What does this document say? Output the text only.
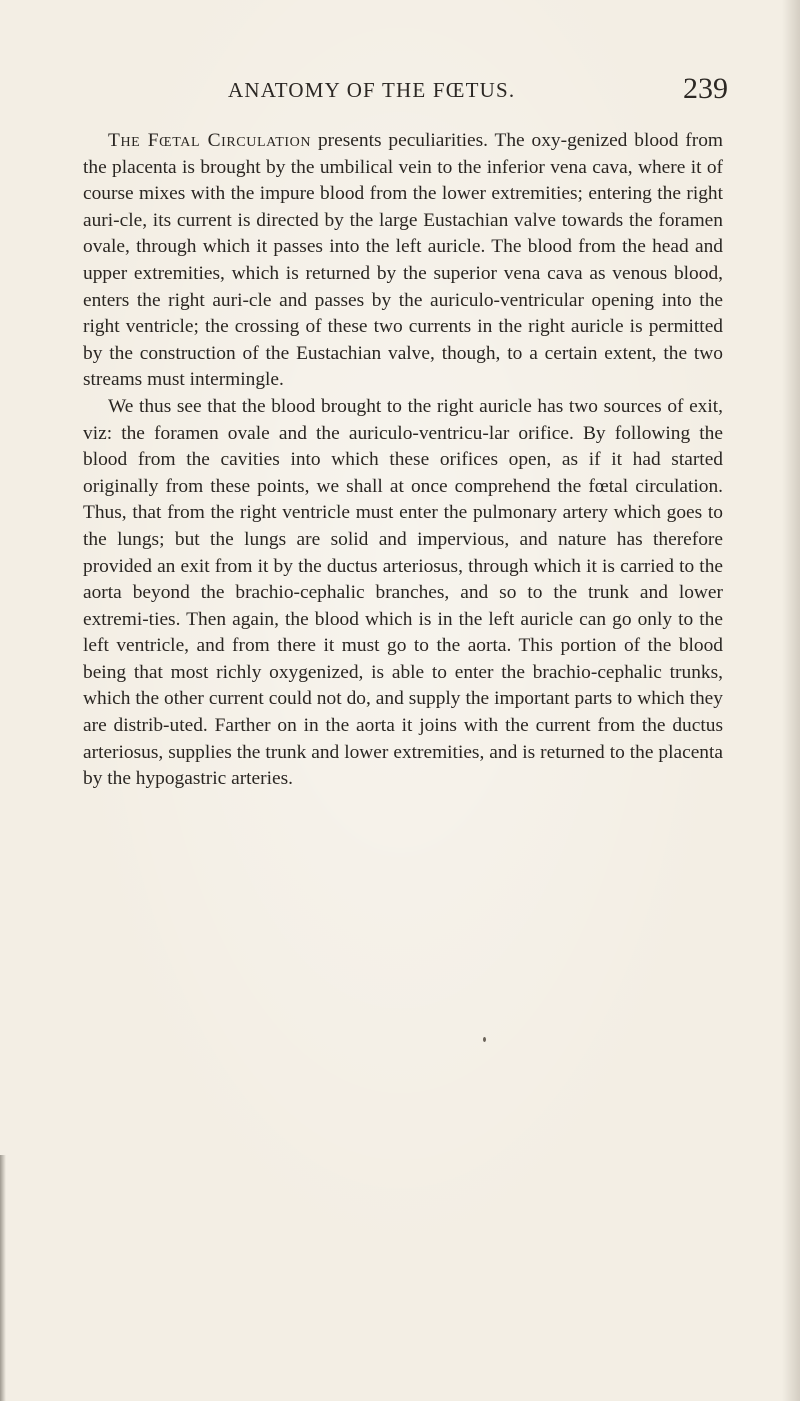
ANATOMY OF THE FŒTUS.	239

The Fœtal Circulation presents peculiarities. The oxy-genized blood from the placenta is brought by the umbilical vein to the inferior vena cava, where it of course mixes with the impure blood from the lower extremities; entering the right auri-cle, its current is directed by the large Eustachian valve towards the foramen ovale, through which it passes into the left auricle. The blood from the head and upper extremities, which is returned by the superior vena cava as venous blood, enters the right auri-cle and passes by the auriculo-ventricular opening into the right ventricle; the crossing of these two currents in the right auricle is permitted by the construction of the Eustachian valve, though, to a certain extent, the two streams must intermingle.

We thus see that the blood brought to the right auricle has two sources of exit, viz: the foramen ovale and the auriculo-ventricu-lar orifice. By following the blood from the cavities into which these orifices open, as if it had started originally from these points, we shall at once comprehend the fœtal circulation. Thus, that from the right ventricle must enter the pulmonary artery which goes to the lungs; but the lungs are solid and impervious, and nature has therefore provided an exit from it by the ductus arteriosus, through which it is carried to the aorta beyond the brachio-cephalic branches, and so to the trunk and lower extremi-ties. Then again, the blood which is in the left auricle can go only to the left ventricle, and from there it must go to the aorta. This portion of the blood being that most richly oxygenized, is able to enter the brachio-cephalic trunks, which the other current could not do, and supply the important parts to which they are distrib-uted. Farther on in the aorta it joins with the current from the ductus arteriosus, supplies the trunk and lower extremities, and is returned to the placenta by the hypogastric arteries.
